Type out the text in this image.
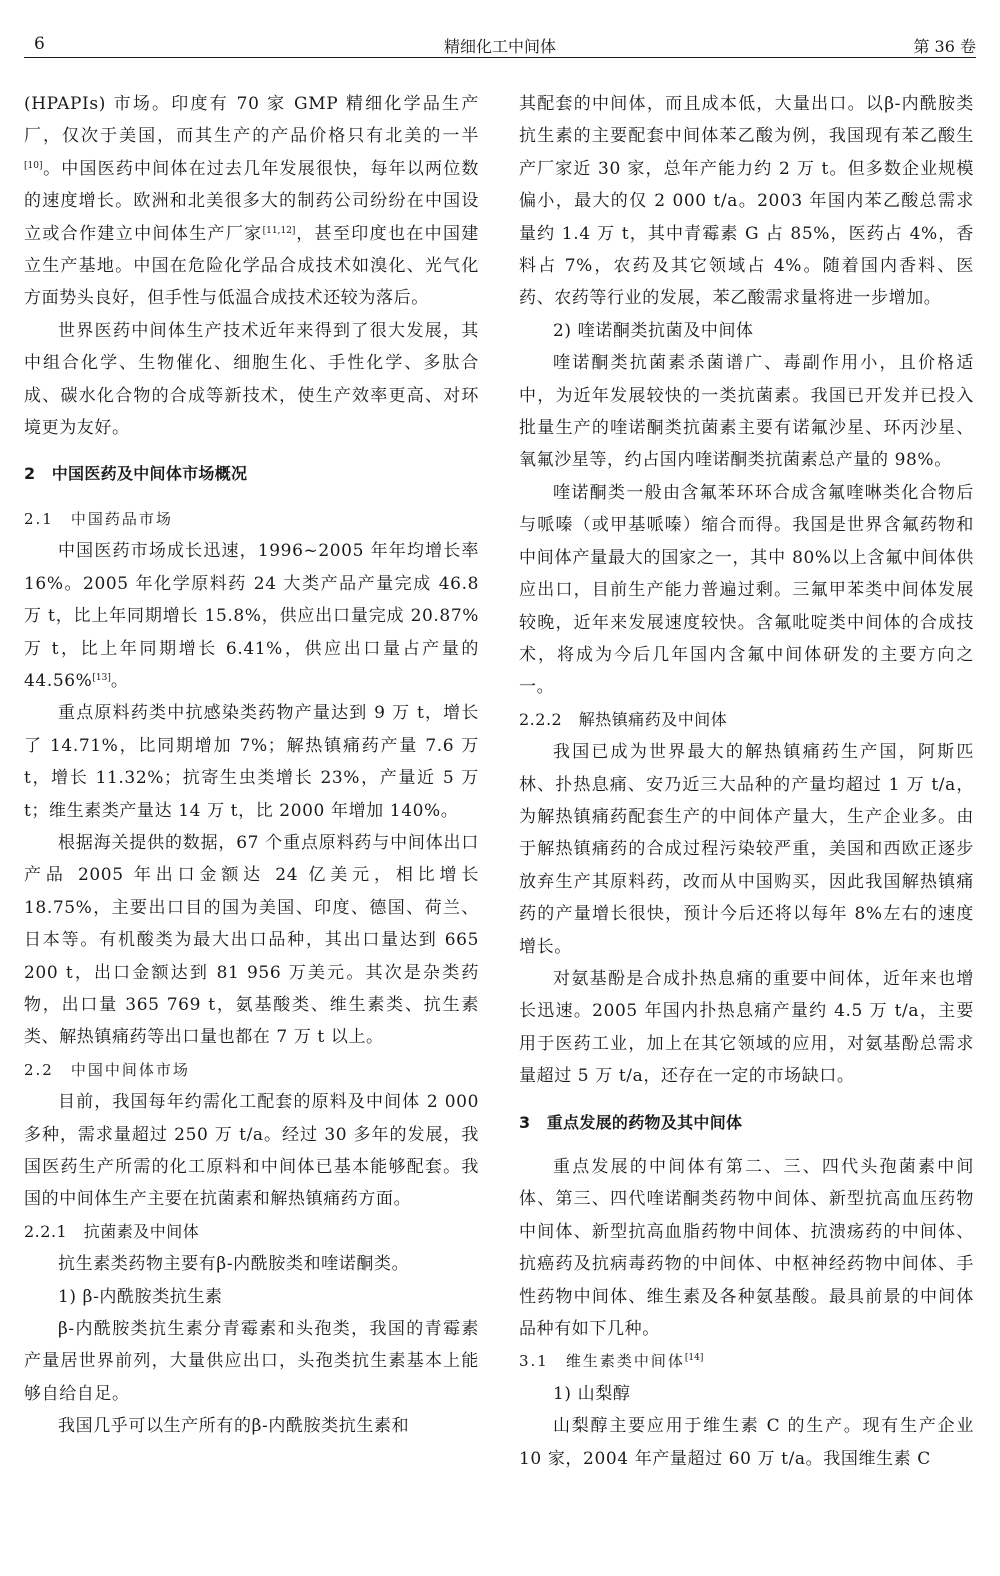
6	精细化工中间体	第 36 卷

(HPAPIs) 市场。印度有 70 家 GMP 精细化学品生产厂，仅次于美国，而其生产的产品价格只有北美的一半[10]。中国医药中间体在过去几年发展很快，每年以两位数的速度增长。欧洲和北美很多大的制药公司纷纷在中国设立或合作建立中间体生产厂家[11,12]，甚至印度也在中国建立生产基地。中国在危险化学品合成技术如溴化、光气化方面势头良好，但手性与低温合成技术还较为落后。

世界医药中间体生产技术近年来得到了很大发展，其中组合化学、生物催化、细胞生化、手性化学、多肽合成、碳水化合物的合成等新技术，使生产效率更高、对环境更为友好。

2　中国医药及中间体市场概况
2.1　中国药品市场

中国医药市场成长迅速，1996~2005 年年均增长率 16%。2005 年化学原料药 24 大类产品产量完成 46.8 万 t，比上年同期增长 15.8%，供应出口量完成 20.87%万 t，比上年同期增长 6.41%，供应出口量占产量的 44.56%[13]。

重点原料药类中抗感染类药物产量达到 9 万 t，增长了 14.71%，比同期增加 7%；解热镇痛药产量 7.6 万 t，增长 11.32%；抗寄生虫类增长 23%，产量近 5 万 t；维生素类产量达 14 万 t，比 2000 年增加 140%。

根据海关提供的数据，67 个重点原料药与中间体出口产品 2005 年出口金额达 24 亿美元，相比增长 18.75%，主要出口目的国为美国、印度、德国、荷兰、日本等。有机酸类为最大出口品种，其出口量达到 665 200 t，出口金额达到 81 956 万美元。其次是杂类药物，出口量 365 769 t，氨基酸类、维生素类、抗生素类、解热镇痛药等出口量也都在 7 万 t 以上。

2.2　中国中间体市场

目前，我国每年约需化工配套的原料及中间体 2 000 多种，需求量超过 250 万 t/a。经过 30 多年的发展，我国医药生产所需的化工原料和中间体已基本能够配套。我国的中间体生产主要在抗菌素和解热镇痛药方面。

2.2.1　抗菌素及中间体

抗生素类药物主要有β-内酰胺类和喹诺酮类。

1) β-内酰胺类抗生素

β-内酰胺类抗生素分青霉素和头孢类，我国的青霉素产量居世界前列，大量供应出口，头孢类抗生素基本上能够自给自足。

我国几乎可以生产所有的β-内酰胺类抗生素和

其配套的中间体，而且成本低，大量出口。以β-内酰胺类抗生素的主要配套中间体苯乙酸为例，我国现有苯乙酸生产厂家近 30 家，总年产能力约 2 万 t。但多数企业规模偏小，最大的仅 2 000 t/a。2003 年国内苯乙酸总需求量约 1.4 万 t，其中青霉素 G 占 85%，医药占 4%，香料占 7%，农药及其它领域占 4%。随着国内香料、医药、农药等行业的发展，苯乙酸需求量将进一步增加。

2) 喹诺酮类抗菌及中间体

喹诺酮类抗菌素杀菌谱广、毒副作用小，且价格适中，为近年发展较快的一类抗菌素。我国已开发并已投入批量生产的喹诺酮类抗菌素主要有诺氟沙星、环丙沙星、氧氟沙星等，约占国内喹诺酮类抗菌素总产量的 98%。

喹诺酮类一般由含氟苯环环合成含氟喹啉类化合物后与哌嗪（或甲基哌嗪）缩合而得。我国是世界含氟药物和中间体产量最大的国家之一，其中 80%以上含氟中间体供应出口，目前生产能力普遍过剩。三氟甲苯类中间体发展较晚，近年来发展速度较快。含氟吡啶类中间体的合成技术，将成为今后几年国内含氟中间体研发的主要方向之一。

2.2.2　解热镇痛药及中间体

我国已成为世界最大的解热镇痛药生产国，阿斯匹林、扑热息痛、安乃近三大品种的产量均超过 1 万 t/a，为解热镇痛药配套生产的中间体产量大，生产企业多。由于解热镇痛药的合成过程污染较严重，美国和西欧正逐步放弃生产其原料药，改而从中国购买，因此我国解热镇痛药的产量增长很快，预计今后还将以每年 8%左右的速度增长。

对氨基酚是合成扑热息痛的重要中间体，近年来也增长迅速。2005 年国内扑热息痛产量约 4.5 万 t/a，主要用于医药工业，加上在其它领域的应用，对氨基酚总需求量超过 5 万 t/a，还存在一定的市场缺口。

3　重点发展的药物及其中间体

重点发展的中间体有第二、三、四代头孢菌素中间体、第三、四代喹诺酮类药物中间体、新型抗高血压药物中间体、新型抗高血脂药物中间体、抗溃疡药的中间体、抗癌药及抗病毒药物的中间体、中枢神经药物中间体、手性药物中间体、维生素及各种氨基酸。最具前景的中间体品种有如下几种。

3.1　维生素类中间体[14]
1) 山梨醇

山梨醇主要应用于维生素 C 的生产。现有生产企业 10 家，2004 年产量超过 60 万 t/a。我国维生素 C
